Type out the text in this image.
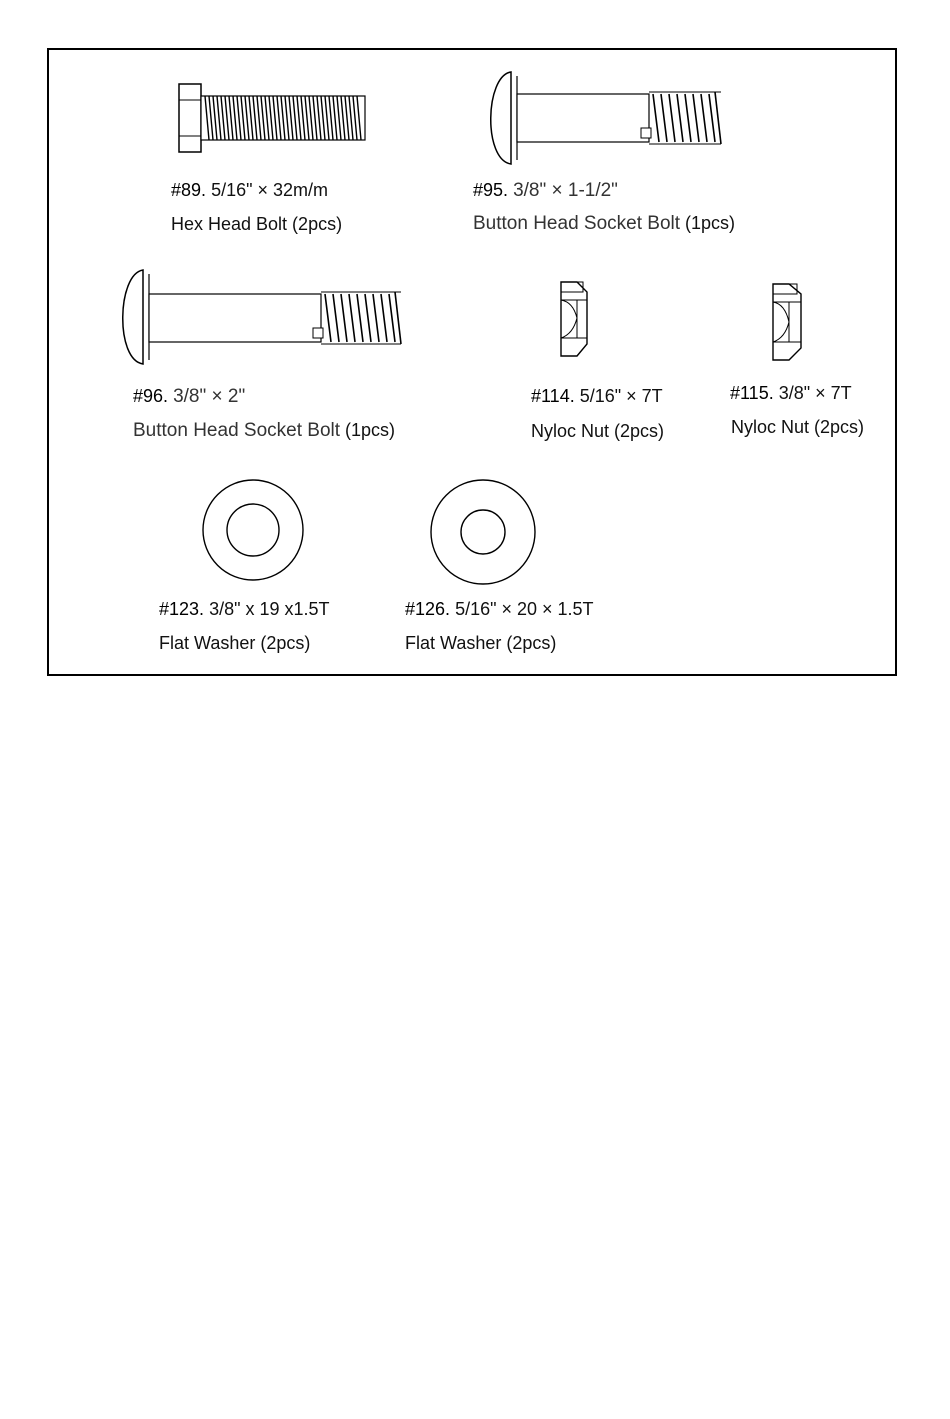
#89. 5/16" × 32m/m
Hex Head Bolt (2pcs)
#95. 3/8" × 1-1/2"
Button Head Socket Bolt (1pcs)
#96. 3/8" × 2"
Button Head Socket Bolt (1pcs)
#114. 5/16" × 7T
Nyloc Nut (2pcs)
#115. 3/8" × 7T
Nyloc Nut (2pcs)
#123. 3/8" x 19 x1.5T
Flat Washer (2pcs)
#126. 5/16" × 20 × 1.5T
Flat Washer (2pcs)
